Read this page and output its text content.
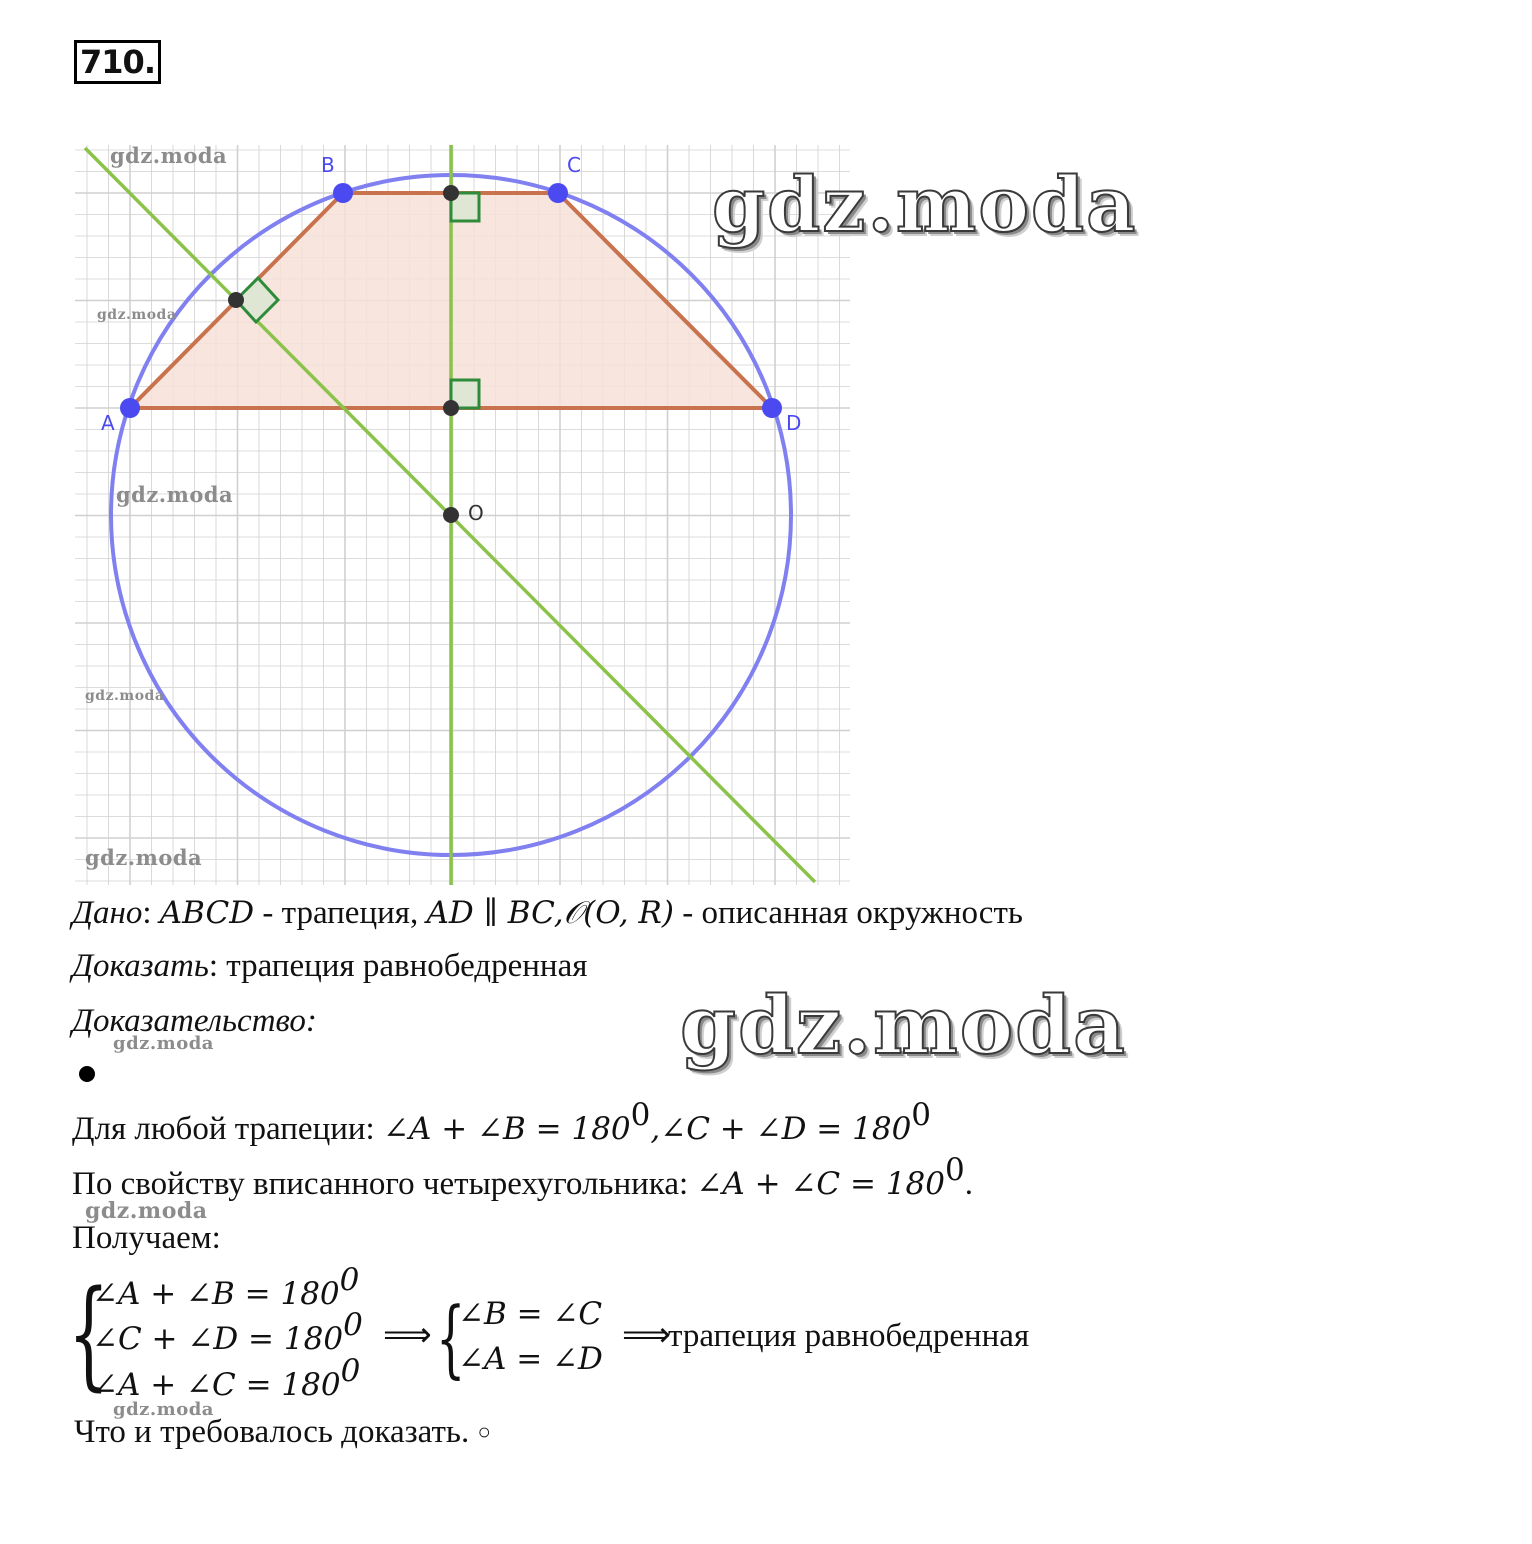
710.
A
B	C
D
O
gdz.moda
gdz.moda
gdz.moda
gdz.moda
gdz.moda
gdz.moda
Дано: ABCD - трапеция, AD ∥ BC,𝒪(O, R) - описанная окружность
Доказать: трапеция равнобедренная
Доказательство:
gdz.moda	gdz.moda
Для любой трапеции: ∠A + ∠B = $180^0,\angle C$ + ∠D = $180^0$
По свойству вписанного четырехугольника: ∠A + ∠C = $180^0$.
gdz.moda
Получаем:
{
∠A + ∠B = $180^0$
∠C + ∠D = $180^0$
∠A + ∠C = $180^0$
⟹ {
∠B = ∠C
∠A = ∠D
⟹
трапеция равнобедренная
gdz.moda
Что и требовалось доказать. ○
